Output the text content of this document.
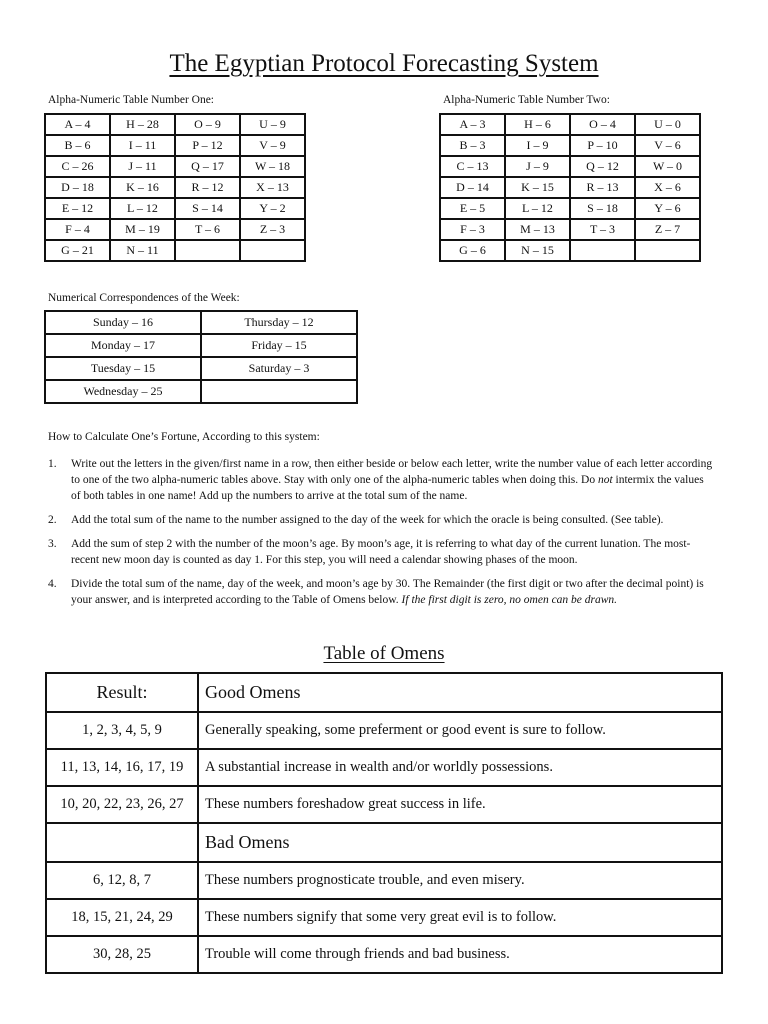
The Egyptian Protocol Forecasting System
Alpha-Numeric Table Number One:	Alpha-Numeric Table Number Two:
A – 4	H – 28	O – 9	U – 9
B – 6	I – 11	P – 12	V – 9
C – 26	J – 11	Q – 17	W – 18
D – 18	K – 16	R – 12	X – 13
E – 12	L – 12	S – 14	Y – 2
F – 4	M – 19	T – 6	Z – 3
G – 21	N – 11		
A – 3	H – 6	O – 4	U – 0
B – 3	I – 9	P – 10	V – 6
C – 13	J – 9	Q – 12	W – 0
D – 14	K – 15	R – 13	X – 6
E – 5	L – 12	S – 18	Y – 6
F – 3	M – 13	T – 3	Z – 7
G – 6	N – 15		
Numerical Correspondences of the Week:
Sunday – 16	Thursday – 12
Monday – 17	Friday – 15
Tuesday – 15	Saturday – 3
Wednesday – 25	
How to Calculate One’s Fortune, According to this system:
1. Write out the letters in the given/first name in a row, then either beside or below each letter, write the number value of each letter according to one of the two alpha-numeric tables above. Stay with only one of the alpha-numeric tables when doing this. Do not intermix the values of both tables in one name! Add up the numbers to arrive at the total sum of the name.
2. Add the total sum of the name to the number assigned to the day of the week for which the oracle is being consulted. (See table).
3. Add the sum of step 2 with the number of the moon’s age. By moon’s age, it is referring to what day of the current lunation. The most-recent new moon day is counted as day 1. For this step, you will need a calendar showing phases of the moon.
4. Divide the total sum of the name, day of the week, and moon’s age by 30. The Remainder (the first digit or two after the decimal point) is your answer, and is interpreted according to the Table of Omens below. If the first digit is zero, no omen can be drawn.
Table of Omens
Result:	Good Omens
1, 2, 3, 4, 5, 9	Generally speaking, some preferment or good event is sure to follow.
11, 13, 14, 16, 17, 19	A substantial increase in wealth and/or worldly possessions.
10, 20, 22, 23, 26, 27	These numbers foreshadow great success in life.
	Bad Omens
6, 12, 8, 7	These numbers prognosticate trouble, and even misery.
18, 15, 21, 24, 29	These numbers signify that some very great evil is to follow.
30, 28, 25	Trouble will come through friends and bad business.
